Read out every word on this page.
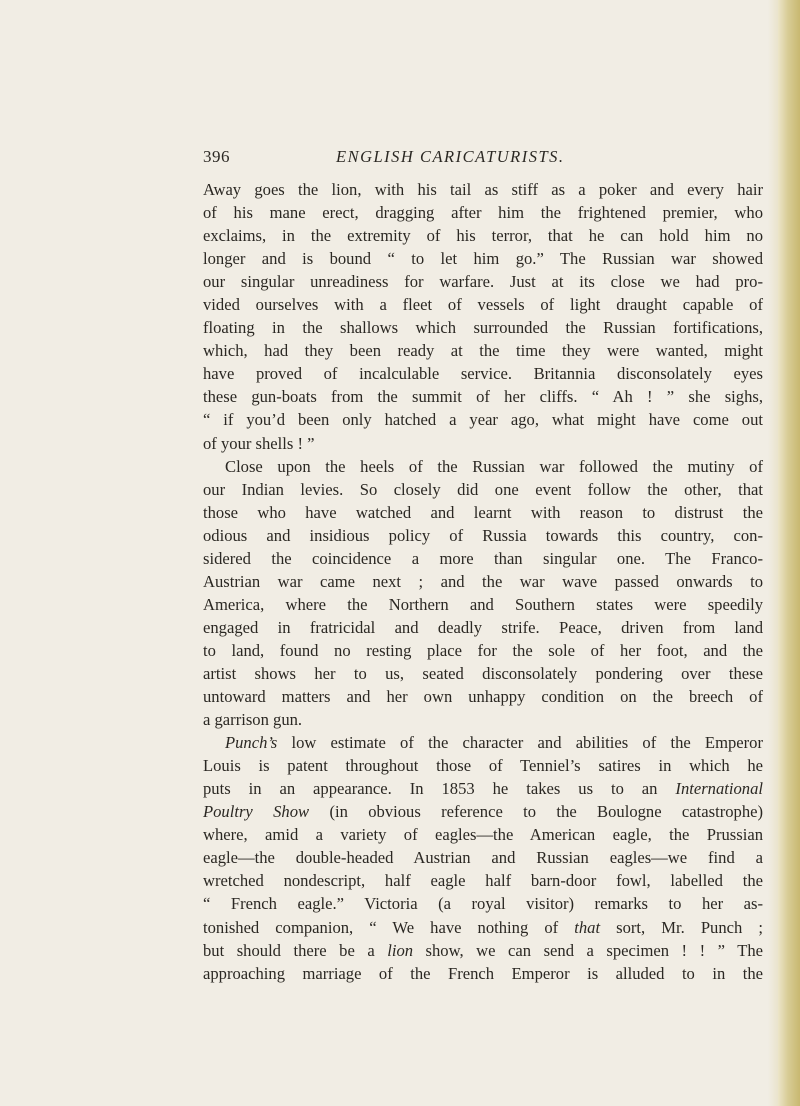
396	ENGLISH CARICATURISTS.
Away goes the lion, with his tail as stiff as a poker and every hair
of his mane erect, dragging after him the frightened premier, who
exclaims, in the extremity of his terror, that he can hold him no
longer and is bound “ to let him go.” The Russian war showed
our singular unreadiness for warfare. Just at its close we had pro-
vided ourselves with a fleet of vessels of light draught capable of
floating in the shallows which surrounded the Russian fortifications,
which, had they been ready at the time they were wanted, might
have proved of incalculable service. Britannia disconsolately eyes
these gun-boats from the summit of her cliffs. “ Ah ! ” she sighs,
“ if you’d been only hatched a year ago, what might have come out
of your shells ! ”
Close upon the heels of the Russian war followed the mutiny of
our Indian levies. So closely did one event follow the other, that
those who have watched and learnt with reason to distrust the
odious and insidious policy of Russia towards this country, con-
sidered the coincidence a more than singular one. The Franco-
Austrian war came next ; and the war wave passed onwards to
America, where the Northern and Southern states were speedily
engaged in fratricidal and deadly strife. Peace, driven from land
to land, found no resting place for the sole of her foot, and the
artist shows her to us, seated disconsolately pondering over these
untoward matters and her own unhappy condition on the breech of
a garrison gun.
Punch’s low estimate of the character and abilities of the Emperor
Louis is patent throughout those of Tenniel’s satires in which he
puts in an appearance. In 1853 he takes us to an International
Poultry Show (in obvious reference to the Boulogne catastrophe)
where, amid a variety of eagles—the American eagle, the Prussian
eagle—the double-headed Austrian and Russian eagles—we find a
wretched nondescript, half eagle half barn-door fowl, labelled the
“ French eagle.” Victoria (a royal visitor) remarks to her as-
tonished companion, “ We have nothing of that sort, Mr. Punch ;
but should there be a lion show, we can send a specimen ! ! ” The
approaching marriage of the French Emperor is alluded to in the
